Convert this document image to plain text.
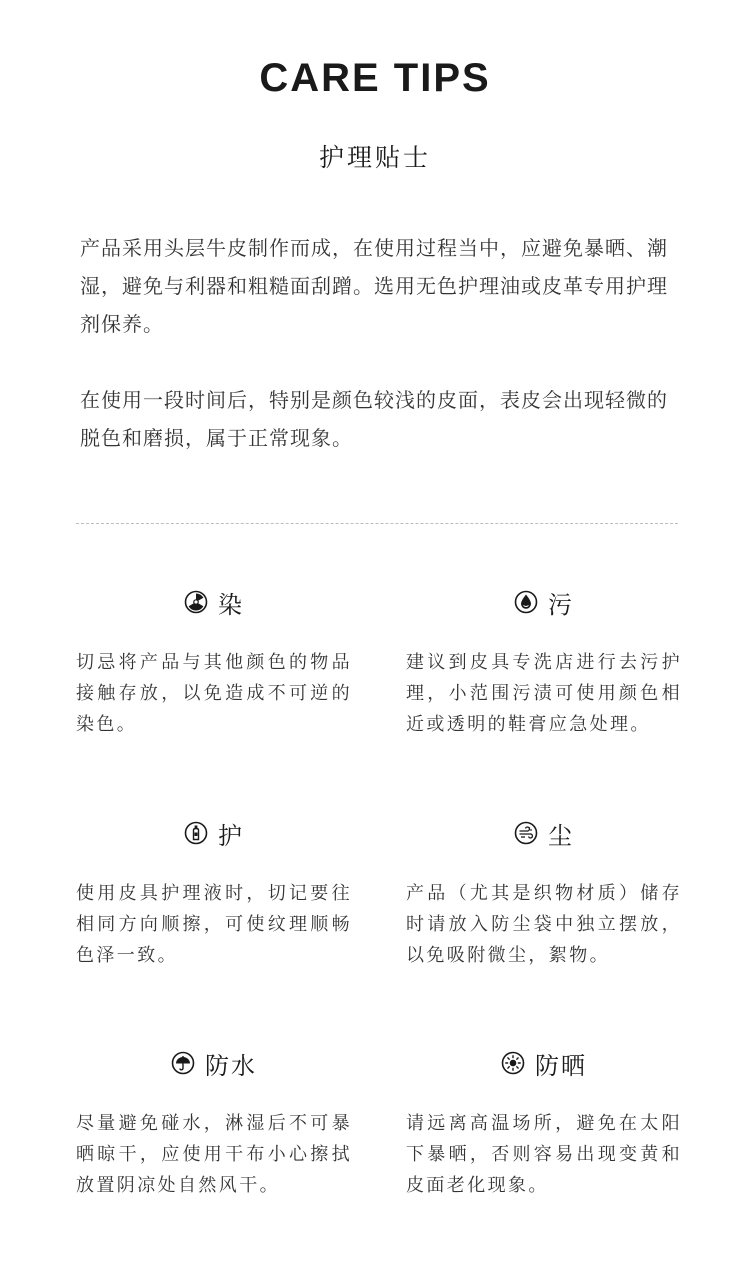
CARE TIPS
护理贴士
产品采用头层牛皮制作而成，在使用过程当中，应避免暴晒、潮湿，避免与利器和粗糙面刮蹭。选用无色护理油或皮革专用护理剂保养。
在使用一段时间后，特别是颜色较浅的皮面，表皮会出现轻微的脱色和磨损，属于正常现象。
染
切忌将产品与其他颜色的物品接触存放，以免造成不可逆的染色。
污
建议到皮具专洗店进行去污护理，小范围污渍可使用颜色相近或透明的鞋膏应急处理。
护
使用皮具护理液时，切记要往相同方向顺擦，可使纹理顺畅色泽一致。
尘
产品（尤其是织物材质）储存时请放入防尘袋中独立摆放，以免吸附微尘，絮物。
防水
尽量避免碰水，淋湿后不可暴晒晾干，应使用干布小心擦拭放置阴凉处自然风干。
防晒
请远离高温场所，避免在太阳下暴晒，否则容易出现变黄和皮面老化现象。
